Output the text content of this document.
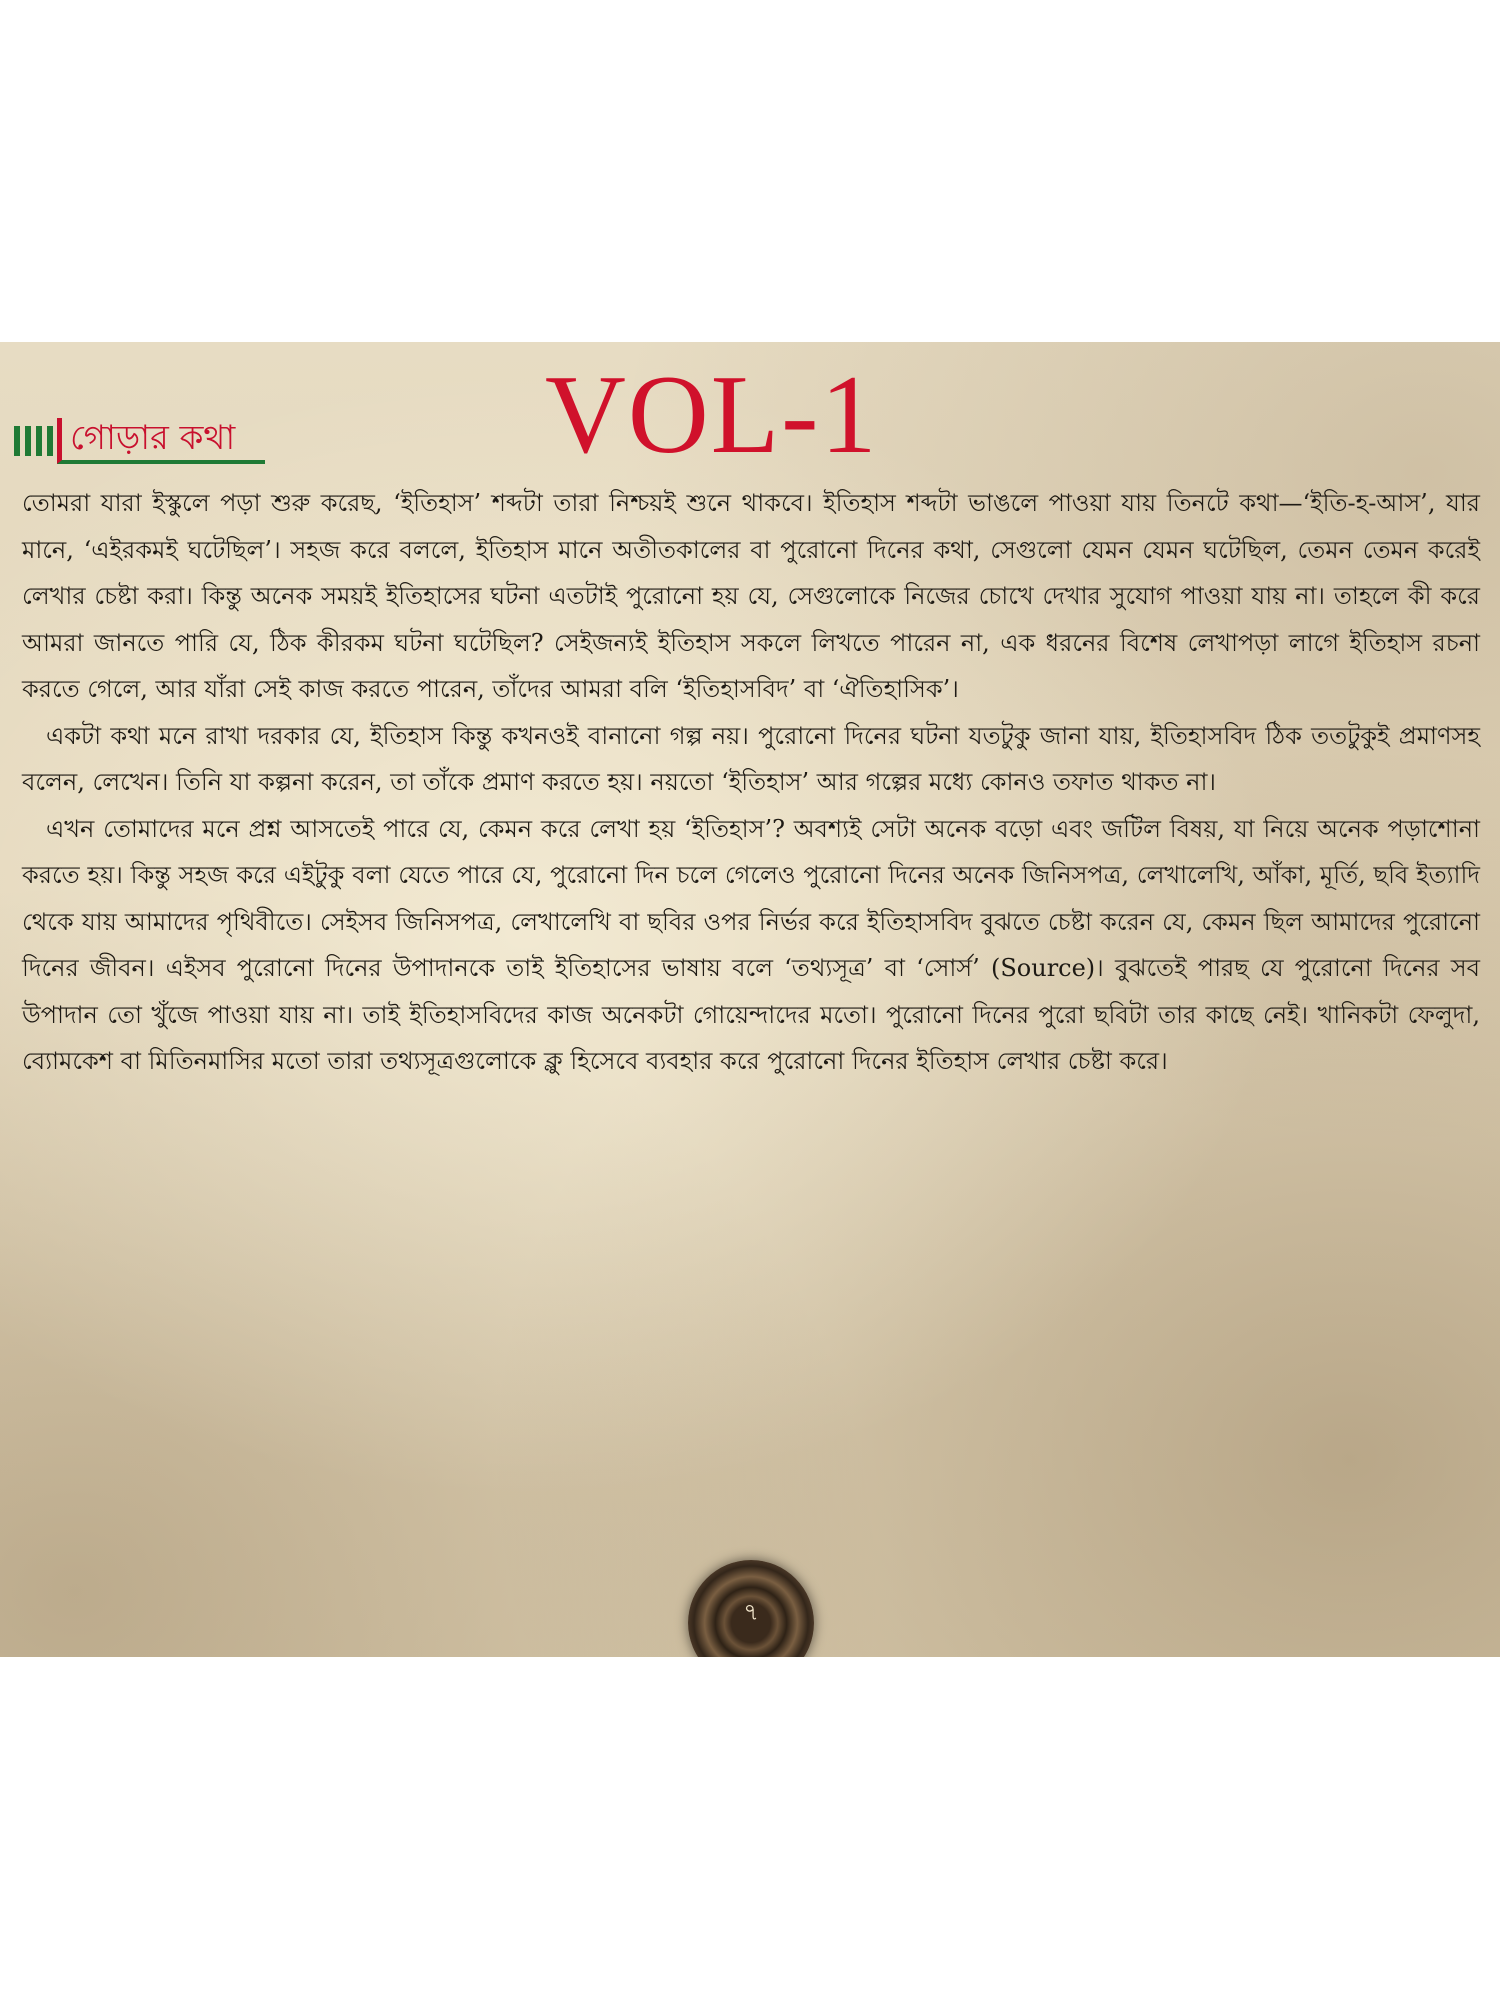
গোড়ার কথা	VOL-1

তোমরা যারা ইস্কুলে পড়া শুরু করেছ, ‘ইতিহাস’ শব্দটা তারা নিশ্চয়ই শুনে থাকবে। ইতিহাস শব্দটা ভাঙলে পাওয়া যায় তিনটে কথা—‘ইতি-হ-আস’, যার মানে, ‘এইরকমই ঘটেছিল’। সহজ করে বললে, ইতিহাস মানে অতীতকালের বা পুরোনো দিনের কথা, সেগুলো যেমন যেমন ঘটেছিল, তেমন তেমন করেই লেখার চেষ্টা করা। কিন্তু অনেক সময়ই ইতিহাসের ঘটনা এতটাই পুরোনো হয় যে, সেগুলোকে নিজের চোখে দেখার সুযোগ পাওয়া যায় না। তাহলে কী করে আমরা জানতে পারি যে, ঠিক কীরকম ঘটনা ঘটেছিল? সেইজন্যই ইতিহাস সকলে লিখতে পারেন না, এক ধরনের বিশেষ লেখাপড়া লাগে ইতিহাস রচনা করতে গেলে, আর যাঁরা সেই কাজ করতে পারেন, তাঁদের আমরা বলি ‘ইতিহাসবিদ’ বা ‘ঐতিহাসিক’।

একটা কথা মনে রাখা দরকার যে, ইতিহাস কিন্তু কখনওই বানানো গল্প নয়। পুরোনো দিনের ঘটনা যতটুকু জানা যায়, ইতিহাসবিদ ঠিক ততটুকুই প্রমাণসহ বলেন, লেখেন। তিনি যা কল্পনা করেন, তা তাঁকে প্রমাণ করতে হয়। নয়তো ‘ইতিহাস’ আর গল্পের মধ্যে কোনও তফাত থাকত না।

এখন তোমাদের মনে প্রশ্ন আসতেই পারে যে, কেমন করে লেখা হয় ‘ইতিহাস’? অবশ্যই সেটা অনেক বড়ো এবং জটিল বিষয়, যা নিয়ে অনেক পড়াশোনা করতে হয়। কিন্তু সহজ করে এইটুকু বলা যেতে পারে যে, পুরোনো দিন চলে গেলেও পুরোনো দিনের অনেক জিনিসপত্র, লেখালেখি, আঁকা, মূর্তি, ছবি ইত্যাদি থেকে যায় আমাদের পৃথিবীতে। সেইসব জিনিসপত্র, লেখালেখি বা ছবির ওপর নির্ভর করে ইতিহাসবিদ বুঝতে চেষ্টা করেন যে, কেমন ছিল আমাদের পুরোনো দিনের জীবন। এইসব পুরোনো দিনের উপাদানকে তাই ইতিহাসের ভাষায় বলে ‘তথ্যসূত্র’ বা ‘সোর্স’ (Source)। বুঝতেই পারছ যে পুরোনো দিনের সব উপাদান তো খুঁজে পাওয়া যায় না। তাই ইতিহাসবিদের কাজ অনেকটা গোয়েন্দাদের মতো। পুরোনো দিনের পুরো ছবিটা তার কাছে নেই। খানিকটা ফেলুদা, ব্যোমকেশ বা মিতিনমাসির মতো তারা তথ্যসূত্রগুলোকে ক্লু হিসেবে ব্যবহার করে পুরোনো দিনের ইতিহাস লেখার চেষ্টা করে।

৭
